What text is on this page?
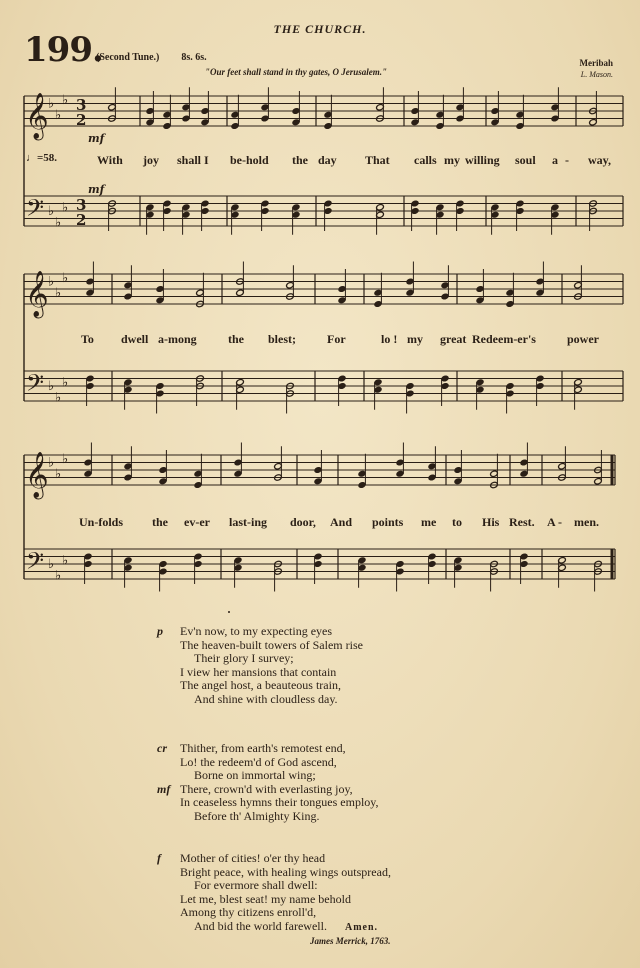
THE CHURCH.
199.
(Second Tune.) 8s. 6s.
"Our feet shall stand in thy gates, O Jerusalem."
Meribah
L. Mason.
𝄞
𝄢
♭
♭
♭
♭
♭
♭
3
2
3
2
𝄞
𝄢
♭
♭
♭
♭
♭
♭
𝄞
𝄢
♭
♭
♭
♭
♭
♭
mf
mf
♩=58.	With joy shall I be-hold the day That calls my willing soul a - way,
To dwell a-mong	the blest;	For	lo ! my great Redeem-er's	power
Un-folds the ev-er last-ing door, And points me to His Rest. A - men.
p Ev'n now, to my expecting eyes
The heaven-built towers of Salem rise
Their glory I survey;
I view her mansions that contain
The angel host, a beauteous train,
And shine with cloudless day.
cr Thither, from earth's remotest end,
Lo! the redeem'd of God ascend,
Borne on immortal wing;
mf There, crown'd with everlasting joy,
In ceaseless hymns their tongues employ,
Before th' Almighty King.
f Mother of cities! o'er thy head
Bright peace, with healing wings outspread,
For evermore shall dwell:
Let me, blest seat! my name behold
Among thy citizens enroll'd,
And bid the world farewell. Amen.
James Merrick, 1763.
